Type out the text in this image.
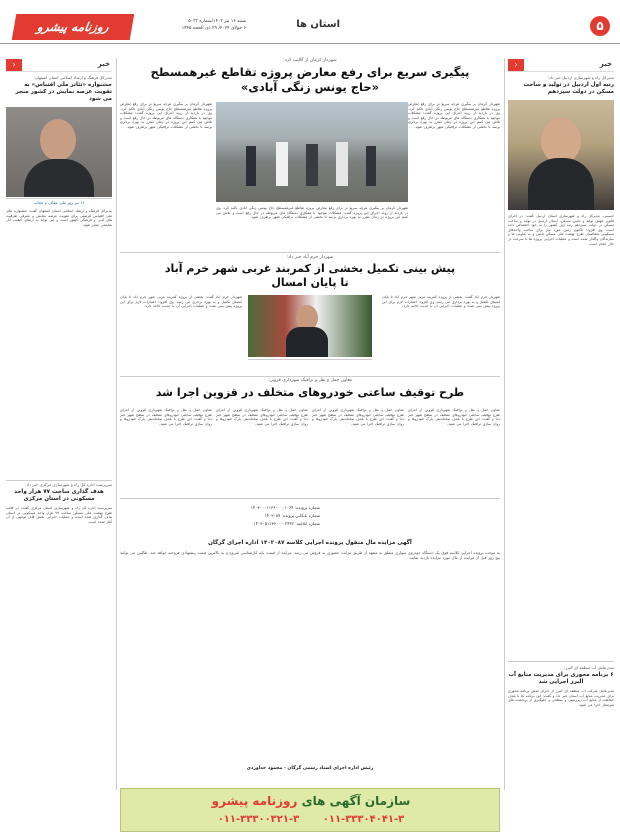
۵
استان ها
شنبه ۱۶ تیر ۱۴۰۳/شماره ۵۰۳۳
۶ جولای ۲۰۲۴/ ۲۹ ذی الحجه ۱۴۴۵
روزنامه پیشرو
خبر
‹
مدیرکل راه و شهرسازی اردبیل خبر داد:
رتبه اول اردبیل در تولید و ساخت مسکن در دولت سیزدهم
حسینی، مدیرکل راه و شهرسازی استان اردبیل گفت: در اجرای قانون جهش تولید و تامین مسکن، استان اردبیل در تولید و ساخت مسکن در دولت سیزدهم رتبه اول کشور را به خود اختصاص داده است. وی افزود: تاکنون زمین مورد نیاز برای ساخت واحدهای مسکونی متقاضیان طرح نهضت ملی مسکن تامین و به تعاونی ها و سازندگان واگذار شده است و عملیات اجرایی پروژه ها با سرعت در حال انجام است.
مدیرعامل آب منطقه ای البرز:
۶ برنامه محوری برای مدیریت منابع آب البرز اجرایی شد
مدیرعامل شرکت آب منطقه ای البرز از اجرای شش برنامه محوری برای مدیریت منابع آب استان خبر داد و گفت: این برنامه ها با هدف حفاظت از منابع آب زیرزمینی و سطحی و جلوگیری از برداشت های غیرمجاز اجرا می شود.
شهردار کرمان از گالیپ کرد:
پیگیری سریع برای رفع معارض پروژه تقاطع غیرهمسطح
«حاج یونس زنگی آبادی»
شهردار کرمان بر پیگیری هرچه سریع تر برای رفع معارض پروژه تقاطع غیرهمسطح حاج یونس زنگی آبادی تاکید کرد. وی در بازدید از روند اجرای این پروژه گفت: مشکلات موجود با همکاری دستگاه های مربوطه در حال رفع است و تلاش می کنیم این پروژه در زمان مقرر به بهره برداری برسد تا بخشی از مشکلات ترافیکی شهر برطرف شود.
شهردار کرمان بر پیگیری هرچه سریع تر برای رفع معارض پروژه تقاطع غیرهمسطح حاج یونس زنگی آبادی تاکید کرد. وی در بازدید از روند اجرای این پروژه گفت: مشکلات موجود با همکاری دستگاه های مربوطه در حال رفع است و تلاش می کنیم این پروژه در زمان مقرر به بهره برداری برسد تا بخشی از مشکلات ترافیکی شهر برطرف شود.
شهردار کرمان بر پیگیری هرچه سریع تر برای رفع معارض پروژه تقاطع غیرهمسطح حاج یونس زنگی آبادی تاکید کرد. وی در بازدید از روند اجرای این پروژه گفت: مشکلات موجود با همکاری دستگاه های مربوطه در حال رفع است و تلاش می کنیم این پروژه در زمان مقرر به بهره برداری برسد تا بخشی از مشکلات ترافیکی شهر برطرف شود.
شهردار خرم آباد خبر داد:
پیش بینی تکمیل بخشی از کمربند غربی شهر خرم آباد
تا پایان امسال
شهردار خرم آباد گفت: بخشی از پروژه کمربند غربی شهر خرم آباد تا پایان امسال تکمیل و به بهره برداری می رسد. وی افزود: اعتبارات لازم برای این پروژه پیش بینی شده و عملیات اجرایی آن با جدیت ادامه دارد.
شهردار خرم آباد گفت: بخشی از پروژه کمربند غربی شهر خرم آباد تا پایان امسال تکمیل و به بهره برداری می رسد. وی افزود: اعتبارات لازم برای این پروژه پیش بینی شده و عملیات اجرایی آن با جدیت ادامه دارد.
معاون حمل و نقل و ترافیک شهرداری قزوین:
طرح توقیف ساعتی خودروهای متخلف در قزوین اجرا شد
معاون حمل و نقل و ترافیک شهرداری قزوین از اجرای طرح توقیف ساعتی خودروهای متخلف در سطح شهر خبر داد و گفت: این طرح با هدف ساماندهی پارک خودروها و روان سازی ترافیک اجرا می شود.
معاون حمل و نقل و ترافیک شهرداری قزوین از اجرای طرح توقیف ساعتی خودروهای متخلف در سطح شهر خبر داد و گفت: این طرح با هدف ساماندهی پارک خودروها و روان سازی ترافیک اجرا می شود.
معاون حمل و نقل و ترافیک شهرداری قزوین از اجرای طرح توقیف ساعتی خودروهای متخلف در سطح شهر خبر داد و گفت: این طرح با هدف ساماندهی پارک خودروها و روان سازی ترافیک اجرا می شود.
معاون حمل و نقل و ترافیک شهرداری قزوین از اجرای طرح توقیف ساعتی خودروهای متخلف در سطح شهر خبر داد و گفت: این طرح با هدف ساماندهی پارک خودروها و روان سازی ترافیک اجرا می شود.
شماره پرونده: ۱۴۰۳۰۰۰۱۱۳۶۰۰۰۰۱۰۶۴
شماره بایگانی پرونده: ۱۴۰۳۰۸۷
شماره ابلاغیه: ۱۴۰۳۰۵۱۱۳۶۰۰۰۰۲۴۳۲
آگهی مزایده مال منقول پرونده اجرایی کلاسه ۱۴۰۲۰۸۷ اداره اجرای گرگان
به موجب پرونده اجرایی کلاسه فوق یک دستگاه خودروی سواری متعلق به متعهد از طریق مزایده حضوری به فروش می رسد. مزایده از قیمت پایه کارشناسی شروع و به بالاترین قیمت پیشنهادی فروخته خواهد شد. طالبین می توانند پنج روز قبل از مزایده از مال مورد مزایده بازدید نمایند.
رئیس اداره اجرای اسناد رسمی گرگان - محمود خداوردی
سازمان آگهی های روزنامه پیشرو
۰۱۱-۳۳۳۰۰۳۲۱-۳ ۰۱۱-۳۳۳۰۴۰۴۱-۳
خبر
‹
مدیرکل فرهنگ و ارشاد اسلامی استان اصفهان:
جشنواره «تئاتر ملی اقتباس» به تقویت عرصه نمایش در کشور منجر می شود
۱۶ تیر روز ملی عفاف و حجاب
مدیرکل فرهنگ و ارشاد اسلامی استان اصفهان گفت: جشنواره تئاتر ملی اقتباس فرصتی برای تقویت عرصه نمایش و معرفی ظرفیت های ادبی و فرهنگی کشور است و می تواند به ارتقای کیفیت آثار نمایشی منجر شود.
سرپرست اداره کل راه و شهرسازی مرکزی خبر داد:
هدف گذاری ساخت ۷۷ هزار واحد مسکونی در استان مرکزی
سرپرست اداره کل راه و شهرسازی استان مرکزی گفت: در قالب طرح نهضت ملی مسکن ساخت ۷۷ هزار واحد مسکونی در استان هدف گذاری شده است و عملیات اجرایی بخش قابل توجهی از آن آغاز شده است.
